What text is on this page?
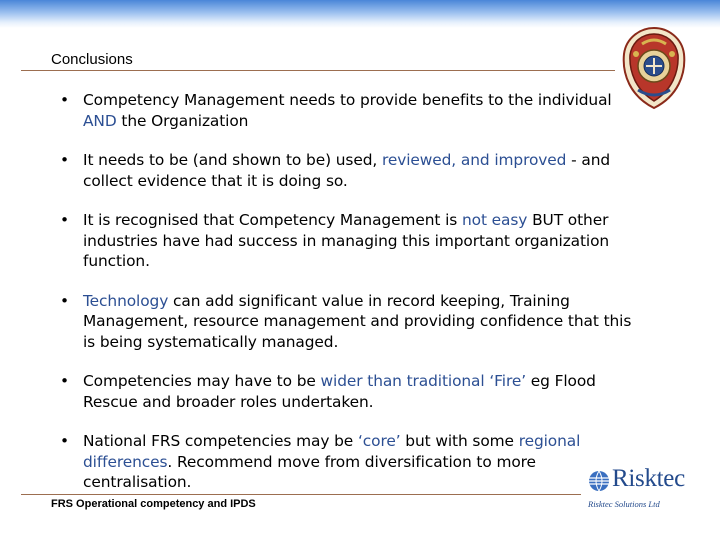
Conclusions
• Competency Management needs to provide benefits to the individual AND the Organization
• It needs to be (and shown to be) used, reviewed, and improved - and collect evidence that it is doing so.
• It is recognised that Competency Management is not easy BUT other industries have had success in managing this important organization function.
• Technology can add significant value in record keeping, Training Management, resource management and providing confidence that this is being systematically managed.
• Competencies may have to be wider than traditional ‘Fire’ eg Flood Rescue and broader roles undertaken.
• National FRS competencies may be ‘core’ but with some regional differences. Recommend move from diversification to more centralisation.
FRS Operational competency and IPDS
Risktec
Risktec Solutions Ltd
